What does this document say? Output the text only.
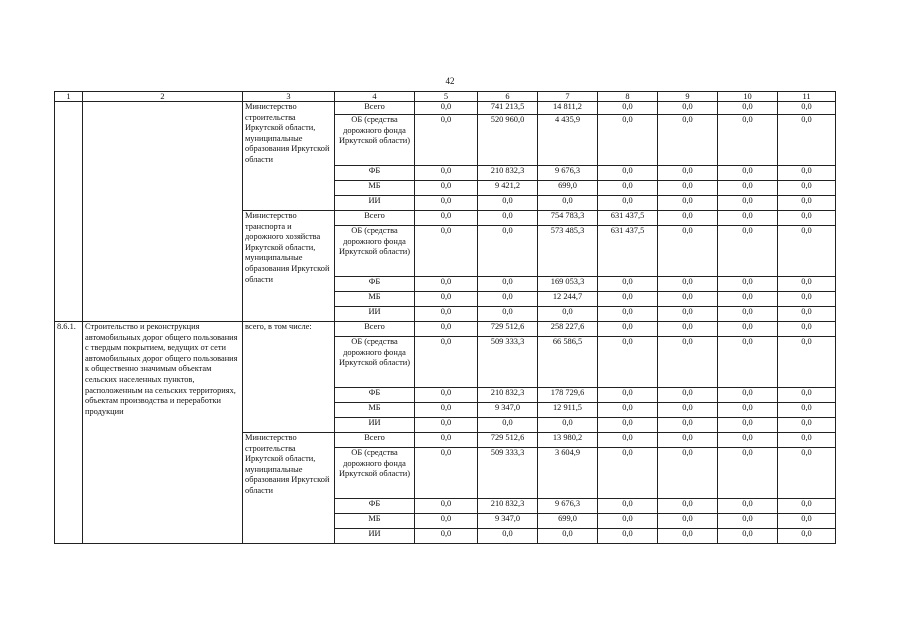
42
1	2	3	4	5	6	7	8	9	10	11
		Министерство строительства Иркутской области, муниципальные образования Иркутской области	Всего	0,0	741 213,5	14 811,2	0,0	0,0	0,0	0,0
			ОБ (средства дорожного фонда Иркутской области)	0,0	520 960,0	4 435,9	0,0	0,0	0,0	0,0
			ФБ	0,0	210 832,3	9 676,3	0,0	0,0	0,0	0,0
			МБ	0,0	9 421,2	699,0	0,0	0,0	0,0	0,0
			ИИ	0,0	0,0	0,0	0,0	0,0	0,0	0,0
		Министерство транспорта и дорожного хозяйства Иркутской области, муниципальные образования Иркутской области	Всего	0,0	0,0	754 783,3	631 437,5	0,0	0,0	0,0
			ОБ (средства дорожного фонда Иркутской области)	0,0	0,0	573 485,3	631 437,5	0,0	0,0	0,0
			ФБ	0,0	0,0	169 053,3	0,0	0,0	0,0	0,0
			МБ	0,0	0,0	12 244,7	0,0	0,0	0,0	0,0
			ИИ	0,0	0,0	0,0	0,0	0,0	0,0	0,0
8.6.1.	Строительство и реконструкция автомобильных дорог общего пользования с твердым покрытием, ведущих от сети автомобильных дорог общего пользования к общественно значимым объектам сельских населенных пунктов, расположенным на сельских территориях, объектам производства и переработки продукции	всего, в том числе:	Всего	0,0	729 512,6	258 227,6	0,0	0,0	0,0	0,0
			ОБ (средства дорожного фонда Иркутской области)	0,0	509 333,3	66 586,5	0,0	0,0	0,0	0,0
			ФБ	0,0	210 832,3	178 729,6	0,0	0,0	0,0	0,0
			МБ	0,0	9 347,0	12 911,5	0,0	0,0	0,0	0,0
			ИИ	0,0	0,0	0,0	0,0	0,0	0,0	0,0
		Министерство строительства Иркутской области, муниципальные образования Иркутской области	Всего	0,0	729 512,6	13 980,2	0,0	0,0	0,0	0,0
			ОБ (средства дорожного фонда Иркутской области)	0,0	509 333,3	3 604,9	0,0	0,0	0,0	0,0
			ФБ	0,0	210 832,3	9 676,3	0,0	0,0	0,0	0,0
			МБ	0,0	9 347,0	699,0	0,0	0,0	0,0	0,0
			ИИ	0,0	0,0	0,0	0,0	0,0	0,0	0,0
